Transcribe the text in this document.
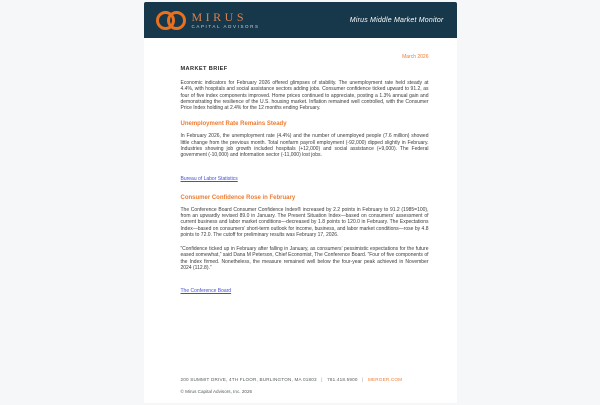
MIRUS
CAPITAL ADVISORS
Mirus Middle Market Monitor
March 2026
MARKET BRIEF

Economic indicators for February 2026 offered glimpses of stability. The unemployment rate held steady at 4.4%, with hospitals and social assistance sectors adding jobs. Consumer confidence ticked upward to 91.2, as four of five index components improved. Home prices continued to appreciate, posting a 1.3% annual gain and demonstrating the resilience of the U.S. housing market. Inflation remained well controlled, with the Consumer Price Index holding at 2.4% for the 12 months ending February.

Unemployment Rate Remains Steady

In February 2026, the unemployment rate (4.4%) and the number of unemployed people (7.6 million) showed little change from the previous month. Total nonfarm payroll employment (-92,000) dipped slightly in February. Industries showing job growth included hospitals (+12,000) and social assistance (+9,000). The Federal government (-10,000) and information sector (-11,000) lost jobs.

Bureau of Labor Statistics
Consumer Confidence Rose in February

The Conference Board Consumer Confidence Index® increased by 2.2 points in February to 91.2 (1985=100), from an upwardly revised 89.0 in January. The Present Situation Index—based on consumers’ assessment of current business and labor market conditions—decreased by 1.8 points to 120.0 in February. The Expectations Index—based on consumers’ short-term outlook for income, business, and labor market conditions—rose by 4.8 points to 72.0. The cutoff for preliminary results was February 17, 2026.

“Confidence ticked up in February after falling in January, as consumers’ pessimistic expectations for the future eased somewhat,” said Dana M Peterson, Chief Economist, The Conference Board. “Four of five components of the Index firmed. Nonetheless, the measure remained well below the four-year peak achieved in November 2024 (112.8).”

The Conference Board
200 SUMMIT DRIVE, 4TH FLOOR, BURLINGTON, MA 01803 | 781.418.5900 | MERGER.COM

© Mirus Capital Advisors, Inc. 2026
